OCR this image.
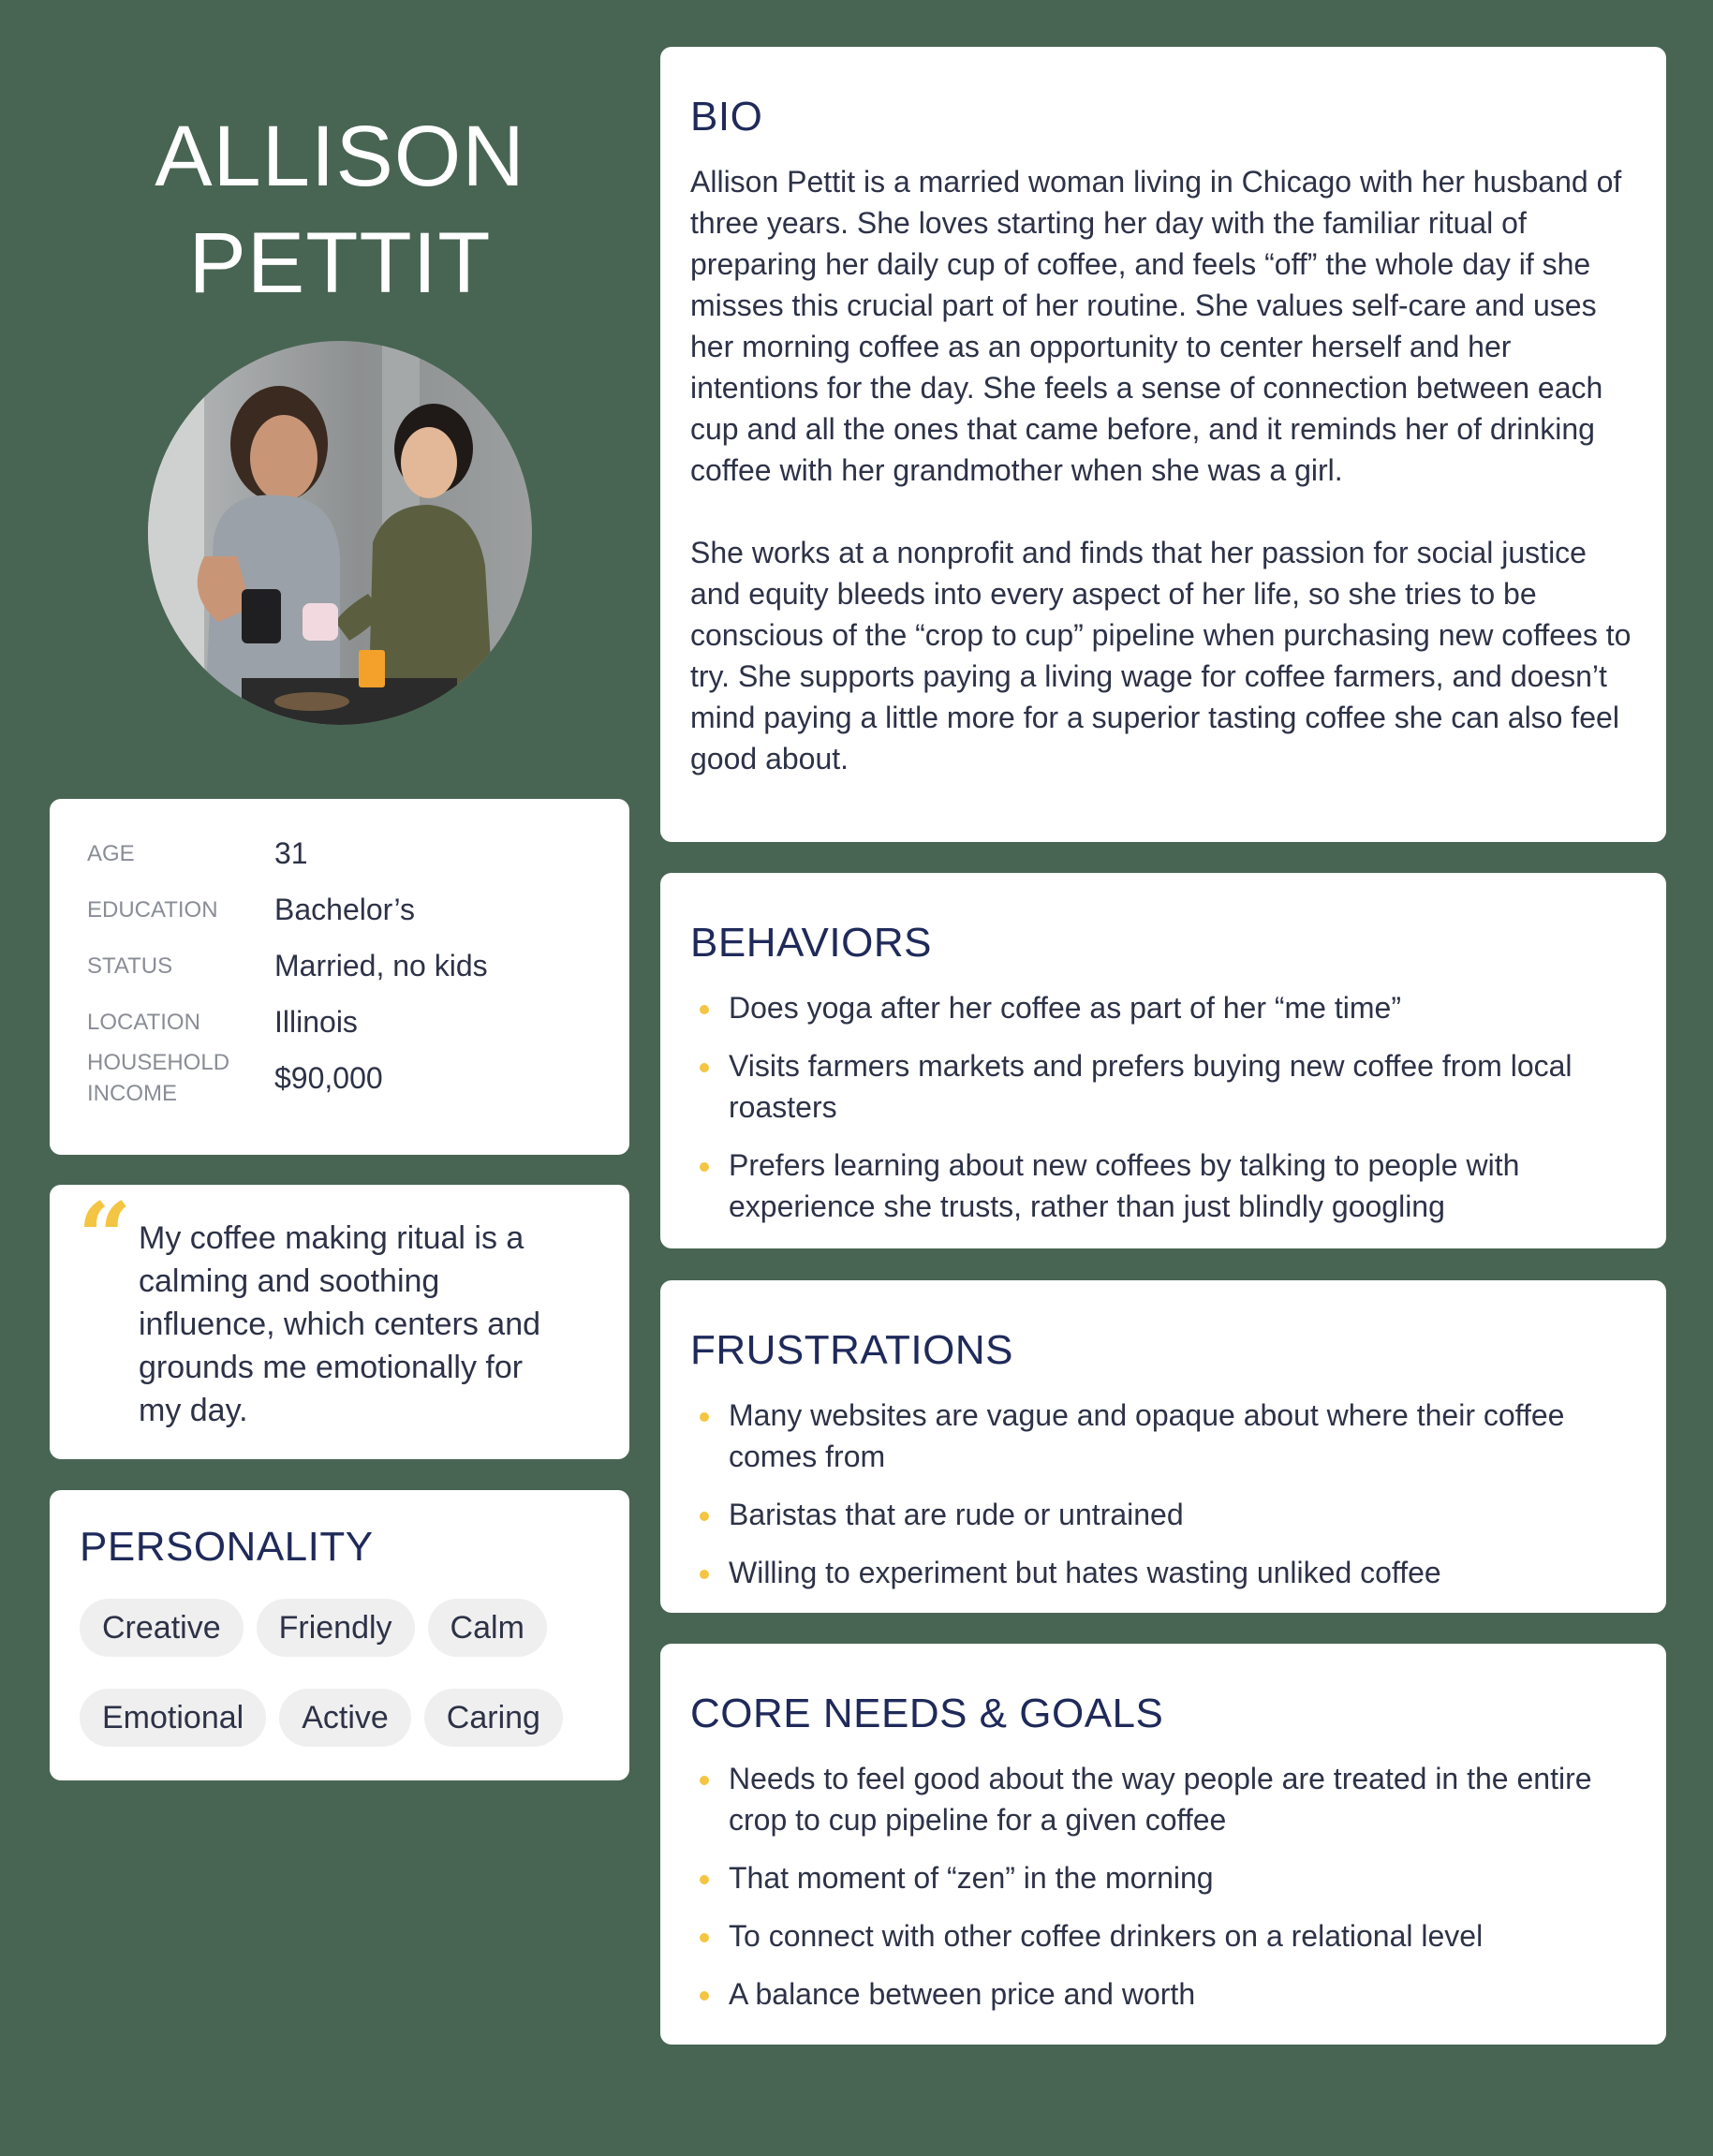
ALLISON
PETTIT
AGE	31
EDUCATION	Bachelor’s
STATUS	Married, no kids
LOCATION	Illinois
HOUSEHOLD INCOME	$90,000
“ My coffee making ritual is a calming and soothing influence, which centers and grounds me emotionally for my day.
PERSONALITY
Creative	Friendly	Calm
Emotional	Active	Caring
BIO

Allison Pettit is a married woman living in Chicago with her husband of three years. She loves starting her day with the familiar ritual of preparing her daily cup of coffee, and feels “off” the whole day if she misses this crucial part of her routine. She values self-care and uses her morning coffee as an opportunity to center herself and her intentions for the day. She feels a sense of connection between each cup and all the ones that came before, and it reminds her of drinking coffee with her grandmother when she was a girl.

She works at a nonprofit and finds that her passion for social justice and equity bleeds into every aspect of her life, so she tries to be conscious of the “crop to cup” pipeline when purchasing new coffees to try. She supports paying a living wage for coffee farmers, and doesn’t mind paying a little more for a superior tasting coffee she can also feel good about.

BEHAVIORS
Does yoga after her coffee as part of her “me time”
Visits farmers markets and prefers buying new coffee from local roasters
Prefers learning about new coffees by talking to people with experience she trusts, rather than just blindly googling
FRUSTRATIONS
Many websites are vague and opaque about where their coffee comes from
Baristas that are rude or untrained
Willing to experiment but hates wasting unliked coffee
CORE NEEDS & GOALS
Needs to feel good about the way people are treated in the entire crop to cup pipeline for a given coffee
That moment of “zen” in the morning
To connect with other coffee drinkers on a relational level
A balance between price and worth
